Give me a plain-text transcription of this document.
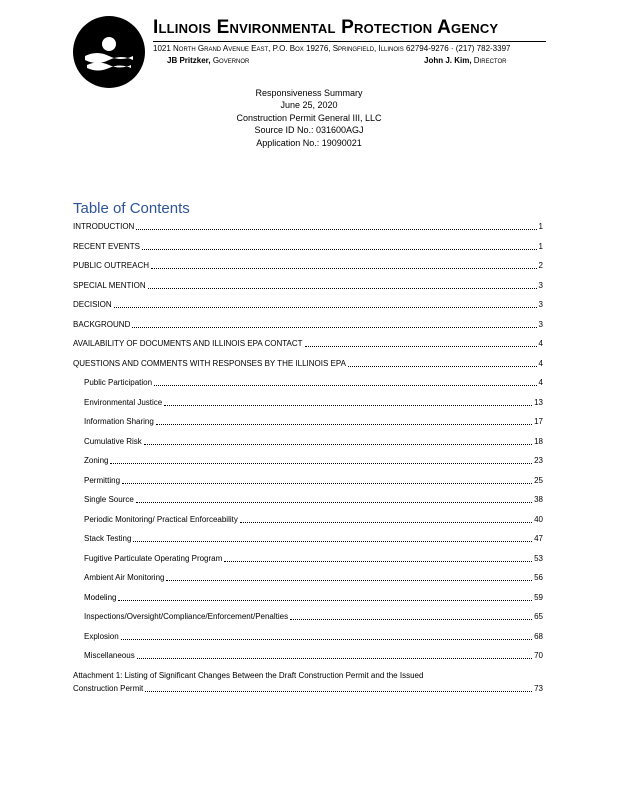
Illinois Environmental Protection Agency
1021 North Grand Avenue East, P.O. Box 19276, Springfield, Illinois 62794-9276 · (217) 782-3397
JB Pritzker, Governor	John J. Kim, Director
Responsiveness Summary
June 25, 2020
Construction Permit General III, LLC
Source ID No.: 031600AGJ
Application No.: 19090021
Table of Contents
INTRODUCTION	1
RECENT EVENTS	1
PUBLIC OUTREACH	2
SPECIAL MENTION	3
DECISION	3
BACKGROUND	3
AVAILABILITY OF DOCUMENTS AND ILLINOIS EPA CONTACT	4
QUESTIONS AND COMMENTS WITH RESPONSES BY THE ILLINOIS EPA	4
Public Participation	4
Environmental Justice	13
Information Sharing	17
Cumulative Risk	18
Zoning	23
Permitting	25
Single Source	38
Periodic Monitoring/ Practical Enforceability	40
Stack Testing	47
Fugitive Particulate Operating Program	53
Ambient Air Monitoring	56
Modeling	59
Inspections/Oversight/Compliance/Enforcement/Penalties	65
Explosion	68
Miscellaneous	70
Attachment 1: Listing of Significant Changes Between the Draft Construction Permit and the Issued
Construction Permit	73
